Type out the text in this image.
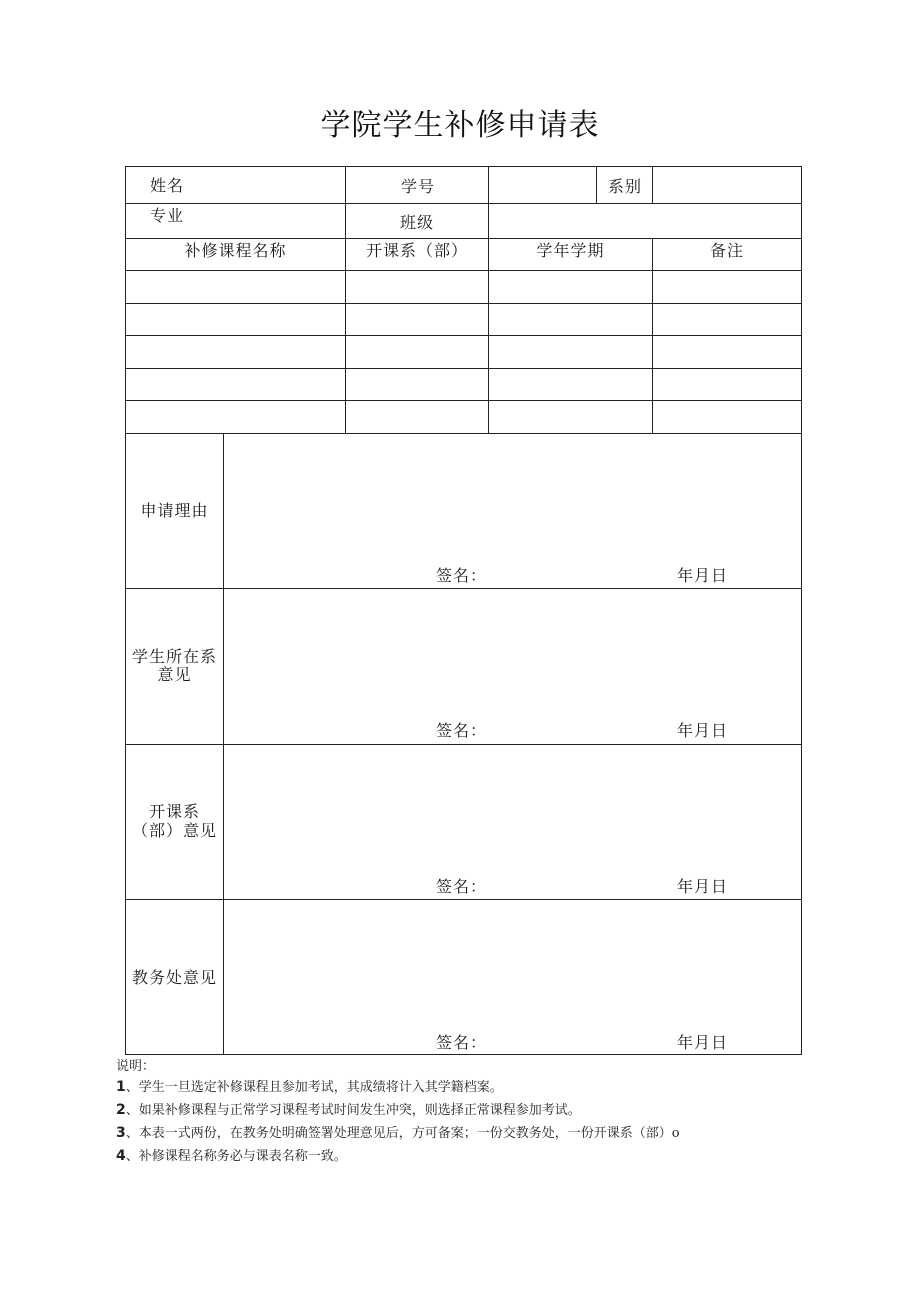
学院学生补修申请表
姓名	学号	系别
专业	班级
补修课程名称	开课系（部）	学年学期	备注
申请理由
签名：	年月日
学生所在系
意见
签名：	年月日
开课系
（部）意见
签名：	年月日
教务处意见
签名：	年月日
说明：
1、学生一旦选定补修课程且参加考试，其成绩将计入其学籍档案。
2、如果补修课程与正常学习课程考试时间发生冲突，则选择正常课程参加考试。
3、本表一式两份，在教务处明确签署处理意见后，方可备案；一份交教务处，一份开课系（部）o
4、补修课程名称务必与课表名称一致。
